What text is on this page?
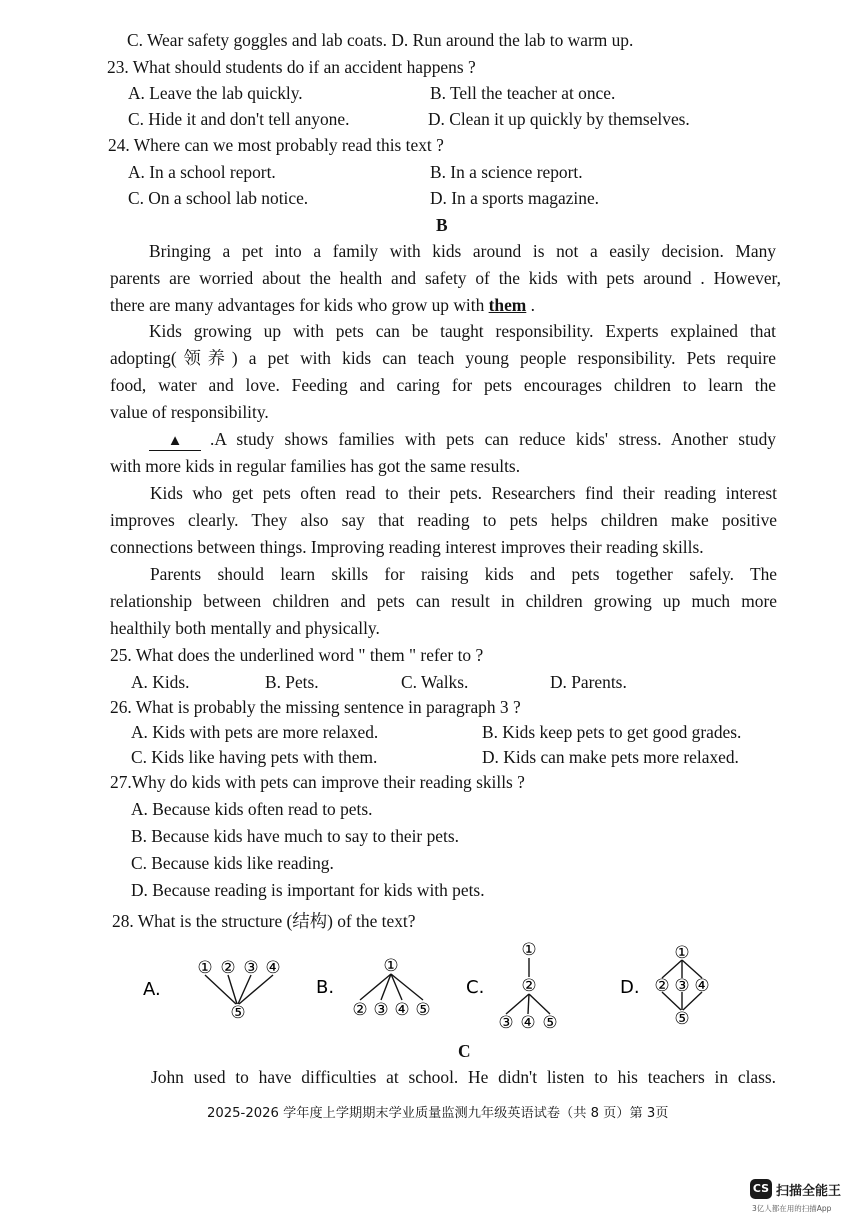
C. Wear safety goggles and lab coats. D. Run around the lab to warm up.
23. What should students do if an accident happens ?
A. Leave the lab quickly.	B. Tell the teacher at once.
C. Hide it and don't tell anyone.	D. Clean it up quickly by themselves.
24. Where can we most probably read this text ?
A. In a school report.	B. In a science report.
C. On a school lab notice.	D. In a sports magazine.
B
Bringing a pet into a family with kids around is not a easily decision. Many
parents are worried about the health and safety of the kids with pets around . However,
there are many advantages for kids who grow up with them .
Kids growing up with pets can be taught responsibility. Experts explained that
adopting(领养) a pet with kids can teach young people responsibility. Pets require
food, water and love. Feeding and caring for pets encourages children to learn the
value of responsibility.
▲	.A study shows families with pets can reduce kids' stress. Another study
with more kids in regular families has got the same results.
Kids who get pets often read to their pets. Researchers find their reading interest
improves clearly. They also say that reading to pets helps children make positive
connections between things. Improving reading interest improves their reading skills.
Parents should learn skills for raising kids and pets together safely. The
relationship between children and pets can result in children growing up much more
healthily both mentally and physically.
25. What does the underlined word " them " refer to ?
A. Kids.	B. Pets.	C. Walks.	D. Parents.
26. What is probably the missing sentence in paragraph 3 ?
A. Kids with pets are more relaxed.	B. Kids keep pets to get good grades.
C. Kids like having pets with them.	D. Kids can make pets more relaxed.
27.Why do kids with pets can improve their reading skills ?
A. Because kids often read to pets.
B. Because kids have much to say to their pets.
C. Because kids like reading.
D. Because reading is important for kids with pets.
28. What is the structure (结构) of the text?
A.	B.	C.	D.
① ② ③ ④
⑤
①
② ③ ④ ⑤
①
②
③ ④ ⑤
①
② ③ ④
⑤
C
John used to have difficulties at school. He didn't listen to his teachers in class.
2025-2026 学年度上学期期末学业质量监测九年级英语试卷（共 8 页）第 3页
CS 扫描全能王
3亿人都在用的扫描App
